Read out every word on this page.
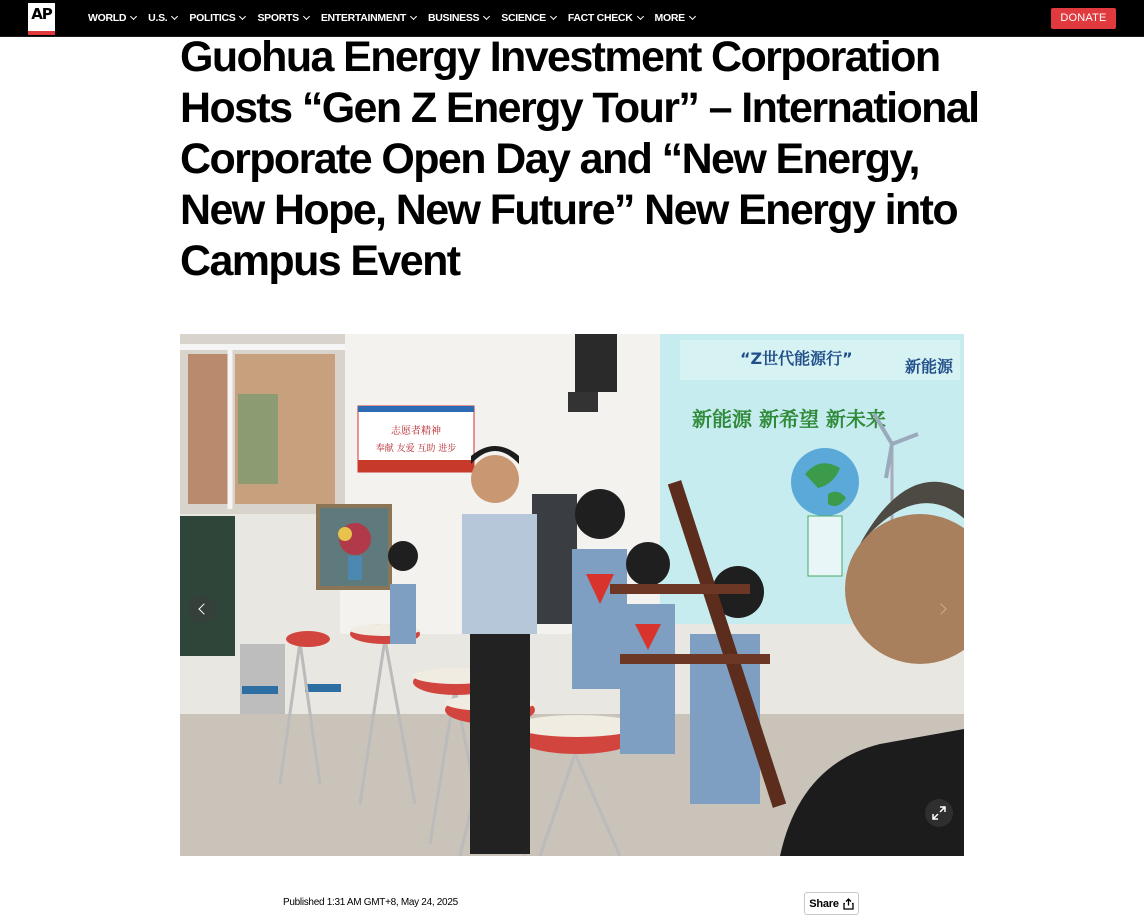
AP	WORLD U.S. POLITICS SPORTS ENTERTAINMENT BUSINESS SCIENCE FACT CHECK MORE	DONATE
Guohua Energy Investment Corporation Hosts “Gen Z Energy Tour” – International Corporate Open Day and “New Energy, New Hope, New Future” New Energy into Campus Event
志愿者精神
奉献 友爱 互助 进步
“Z世代能源行”	新能源
新能源 新希望 新未来
Published 1:31 AM GMT+8, May 24, 2025	Share
